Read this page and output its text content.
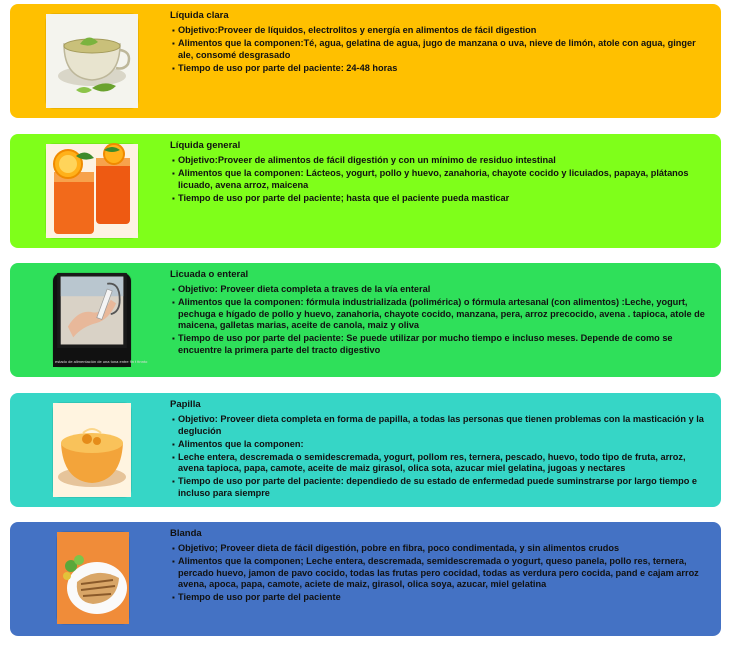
Líquida clara
▪ Objetivo:Proveer de líquidos, electrolitos y energía en alimentos de fácil digestion
▪ Alimentos que la componen:Té, agua, gelatina de agua, jugo de manzana o uva, nieve de limón, atole con agua, ginger ale, consomé desgrasado
▪ Tiempo de uso por parte del paciente: 24-48 horas
Líquida general
▪ Objetivo:Proveer de alimentos de fácil digestión y con un mínimo de residuo intestinal
▪ Alimentos que la componen: Lácteos, yogurt, pollo y huevo, zanahoria, chayote cocido y licuiados, papaya, plátanos licuado, avena arroz, maicena
▪ Tiempo de uso por parte del paciente; hasta que el paciente pueda masticar
estado de alimentación de una tona entre fin t ttnnto
Licuada o enteral
▪ Objetivo: Proveer dieta completa a traves de la vía enteral
▪ Alimentos que la componen: fórmula industrializada (polimérica) o fórmula artesanal (con alimentos) :Leche, yogurt, pechuga e hígado de pollo y huevo, zanahoria, chayote cocido, manzana, pera, arroz precocido, avena . tapioca, atole de maicena, galletas marias, aceite de canola, maiz y oliva
▪ Tiempo de uso por parte del paciente: Se puede utilizar por mucho tiempo e incluso meses. Depende de como se encuentre la primera parte del tracto digestivo
Papilla
▪ Objetivo: Proveer dieta completa en forma de papilla, a todas las personas que tienen problemas con la masticación y la deglución
▪ Alimentos que la componen:
▪ Leche entera, descremada o semidescremada, yogurt, pollom res, ternera, pescado, huevo, todo tipo de fruta, arroz, avena tapioca, papa, camote, aceite de maiz girasol, olica sota, azucar miel gelatina, jugoas y nectares
▪ Tiempo de uso por parte del paciente: dependiedo de su estado de enfermedad puede suminstrarse por largo tiempo e incluso para siempre
Blanda
▪ Objetivo; Proveer dieta de fácil digestión, pobre en fibra, poco condimentada, y sin alimentos crudos
▪ Alimentos que la componen; Leche entera, descremada, semidescremada o yogurt, queso panela, pollo res, ternera, percado huevo, jamon de pavo cocido, todas las frutas pero cocidad, todas as verdura pero cocida, pand e cajam arroz avena, apoca, papa, camote, aciete de maiz, girasol, olica soya, azucar, miel gelatina
▪ Tiempo de uso por parte del paciente
